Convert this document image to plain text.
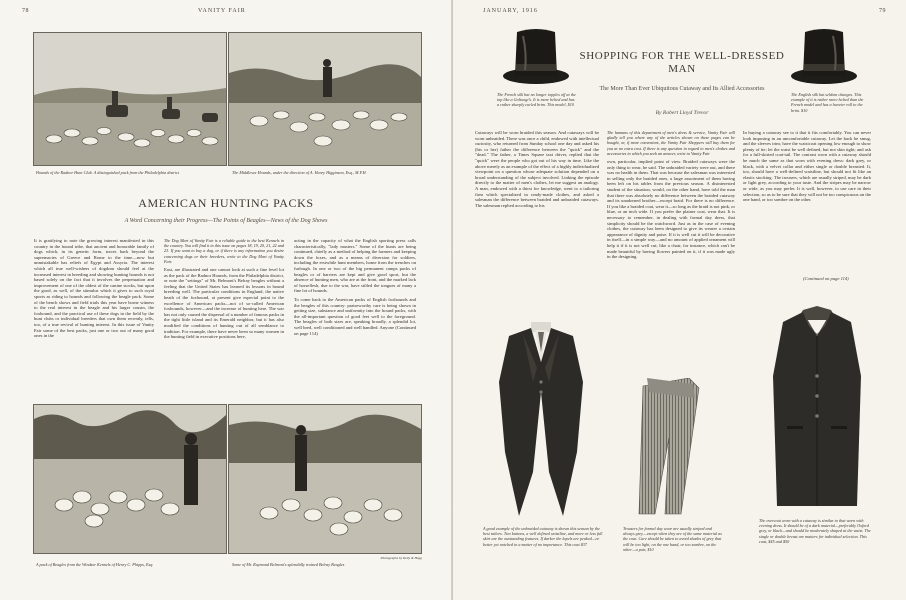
78	VANITY FAIR
Hounds of the Radnor Hunt Club. A distinguished pack from the Philadelphia district	The Middlesex Hounds, under the direction of A. Henry Higginson, Esq., M.F.H.
AMERICAN HUNTING PACKS
A Word Concerning their Progress—The Points of Beagles—News of the Dog Shows

It is gratifying to note the growing interest manifested in this country in the hound tribe, that ancient and honorable family of dogs which, in its genetic form, traces back beyond the supremacies of Greece and Rome to the time—now but unmistakable bas reliefs of Egypt and Assyria. The interest which all true well-wishers of dogdom should feel at the increased interest in breeding and showing hunting hounds is not based solely on the fact that it involves the perpetuation and improvement of one of the oldest of the canine stocks, but upon the good, as well, of the stimulus which it gives to such royal sports as riding to hounds and following the beagle pack. Some of the bench shows and field trials this year have borne witness to the real interest in the beagle and his larger cousin, the foxhound, and the practical use of these dogs in the field by the hunt clubs or individual breeders that own them recently, tells, too, of a true revival of hunting interest. In this issue of Vanity Fair some of the best packs, just one or two out of many good ones in the

The Dog Mart of Vanity Fair is a reliable guide to the best Kennels in the country. You will find it in this issue on pages 18, 19, 20, 21, 22 and 23. If you want to buy a dog, or if there is any information you desire concerning dogs or their breeders, write to the Dog Mart of Vanity Fair.

East, are illustrated and one cannot look at such a fine level lot as the pack of the Radnor Hounds, from the Philadelphia district, or note the "settings" of Mr. Belmont's Belray beagles without a feeling that the United States has learned its lessons in hound breeding well. The particular conditions in England, the native heath of the foxhound, at present give especial point to the excellence of American packs—not of so-called American foxhounds, however—and the increase of hunting here. The war has not only caused the dispersal of a number of famous packs in the tight little island and its Emerald neighbor, but it has also modified the conditions of hunting out of all semblance to tradition. For example, there have never been so many women in the hunting field in executive positions here,

acting in the capacity of what the English sporting press calls characteristically, "lady masters." Some of the hunts are being continued, chiefly as a method of helping the farmers and keeping down the foxes, and as a means of diversion for soldiers, including the erstwhile hunt members, home from the trenches on furlough. In one or two of the big permanent camps packs of beagles or of harriers are kept and give good sport, but the absence of hunting men, who are at the front, and the marked lack of horseflesh, due to the war, have stilled the tongues of many a fine lot of hounds.

To come back to the American packs of English foxhounds and the beagles of this country: praiseworthy care is being shown in getting size, substance and uniformity into the hound packs, with the all-important question of good feet well to the foreground. The beagles of both sizes are, speaking broadly, a splendid lot, well bred, well conditioned and well handled. Anyone (Continued on page 114)

A pack of Beagles from the Windsor Kennels of Henry C. Phipps, Esq.	Some of Mr. Raymond Belmont's splendidly trained Belray Beagles
Photographs by Kelly & Hogg
JANUARY, 1916	79
The French silk hat no longer topples off at the top like a Goltoogi's. It is more helted and has a rather sharply curled brim. This model, $10
The English silk hat seldom changes. This example of it is rather more helted than the French model and has a heavier roll to the brim. $10
SHOPPING FOR THE WELL-DRESSED MAN
The More Than Ever Ubiquitous Cutaway and Its Allied Accessories
By Robert Lloyd Trevor

Cutaways will be worn braided this season. And cutaways will be worn unbraided. There was once a child, endowed with intellectual curiosity, who returned from Sunday school one day and asked his (his or her) father the difference between the "quick" and the "dead." The father, a Times Square taxi driver, replied that the "quick" were the people who got out of his way in time. Like the above merely as an example of the effect of a highly individualized viewpoint on a question whose adequate solution depended on a broad understanding of the subject involved. Linking the episode directly to the matter of men's clothes, let me suggest an analogy. A man, endowed with a thirst for knowledge, went to a tailoring firm which specialized in ready-made clothes, and asked a salesman the difference between braided and unbraided cutaways. The salesman replied according to his

The humans of this department of men's dress & service, Vanity Fair will gladly tell you where any of the articles shown on these pages can be bought, or, if more convenient, the Vanity Fair Shoppers will buy them for you at no extra cost. If there is any question in regard to men's clothes and accessories in which you seek an answer, write to Vanity Fair

own, particular, implied point of view. Braided cutaways were the only thing to wear, he said. The unbraided variety were out, and there was no health in them. That was because the salesman was interested in selling only the braided ones, a large assortment of them having been left on his tables from the previous season. A disinterested student of the situation, would, on the other hand, have told the man that there was absolutely no difference between the braided cutaway and its unadorned brother—except braid. For there is no difference. If you like a braided coat, wear it—so long as the braid is not pink, or blue, or an inch wide. If you prefer the plainer coat, wear that. It is necessary to remember, in dealing with formal day dress, that simplicity should be the watchword. Just as in the case of evening clothes, the cutaway has been designed to give its wearer a certain appearance of dignity and poise. If it is well cut it will be decorative in itself—in a simple way—and no amount of applied ornament will help it if it is not well cut; like a chair, for instance, which can't be made beautiful by having flowers painted on it, if it was made ugly in the designing.

In buying a cutaway see to it that it fits comfortably. You can never look imposing in an uncomfortable cutaway. Let the back be smug, and the sleeves trim; have the waistcoat opening low enough to show plenty of tie; let the waist be well defined, but not skin tight; and ask for a full-skirted coat-tail. The contrast worn with a cutaway should be much the same as that worn with evening dress: dark grey, or black, with a velvet collar and either single or double breasted. It, too, should have a well-defined waistline, but should not fit like an elastic stocking. The trousers, which are usually striped, may be dark or light grey, according to your taste. And the stripes may be narrow or wide, as you may prefer. It is well, however, to use care in their selection, so as to be sure that they will not be too conspicuous on the one hand, or too sombre on the other.

(Continued on page 114)
A good example of the unbraided cutaway is shown this season by the best tailors. Two buttons, a well defined waistline, and more or less full skirt are the outstanding features. If darker the lapels are peaked—or better yet notched in a matter of no importance. This coat $37
Trousers for formal day wear are usually striped and always grey—except when they are of the same material as the coat. Care should be taken to avoid shades of grey that will be too light, on the one hand, or too sombre, on the other—a pair, $10
The overcoat worn with a cutaway is similar to that worn with evening dress. It should be of a dark material—preferably Oxford grey, or black—and should be moderately shaped at the waist. The single or double breast are matters for individual selection. This coat, $45 and $50
